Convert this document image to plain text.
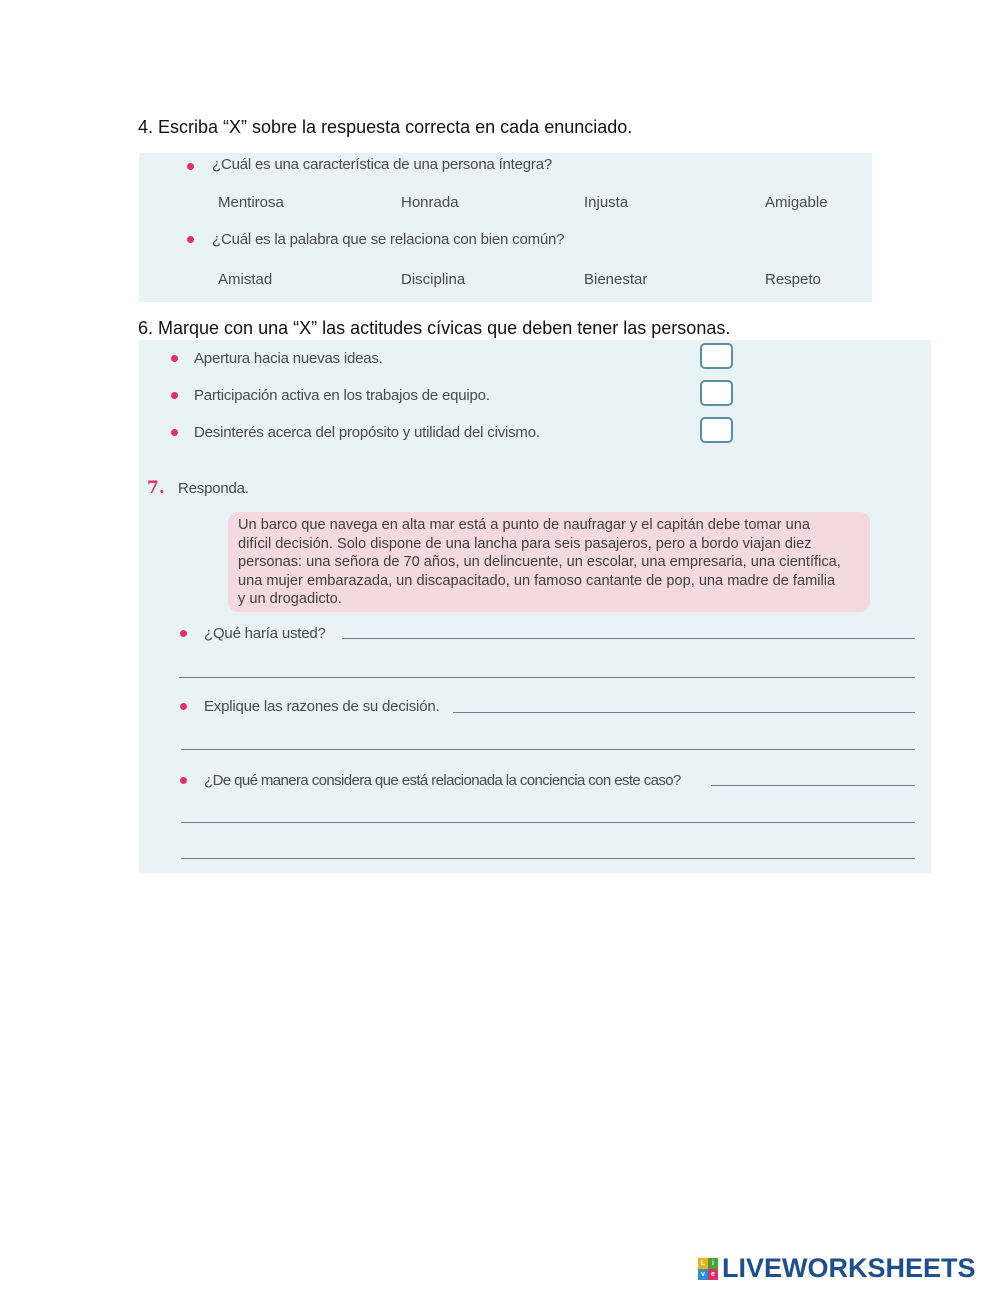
4. Escriba “X” sobre la respuesta correcta en cada enunciado.
¿Cuál es una característica de una persona íntegra?
Mentirosa	Honrada	Injusta	Amigable
¿Cuál es la palabra que se relaciona con bien común?
Amistad	Disciplina	Bienestar	Respeto
6. Marque con una “X” las actitudes cívicas que deben tener las personas.
Apertura hacia nuevas ideas.
Participación activa en los trabajos de equipo.
Desinterés acerca del propósito y utilidad del civismo.
7. Responda.
¿Qué haría usted?
Explique las razones de su decisión.
¿De qué manera considera que está relacionada la conciencia con este caso?
Un barco que navega en alta mar está a punto de naufragar y el capitán debe tomar una
difícil decisión. Solo dispone de una lancha para seis pasajeros, pero a bordo viajan diez
personas: una señora de 70 años, un delincuente, un escolar, una empresaria, una científica,
una mujer embarazada, un discapacitado, un famoso cantante de pop, una madre de familia
y un drogadicto.
L i
v e LIVEWORKSHEETS
